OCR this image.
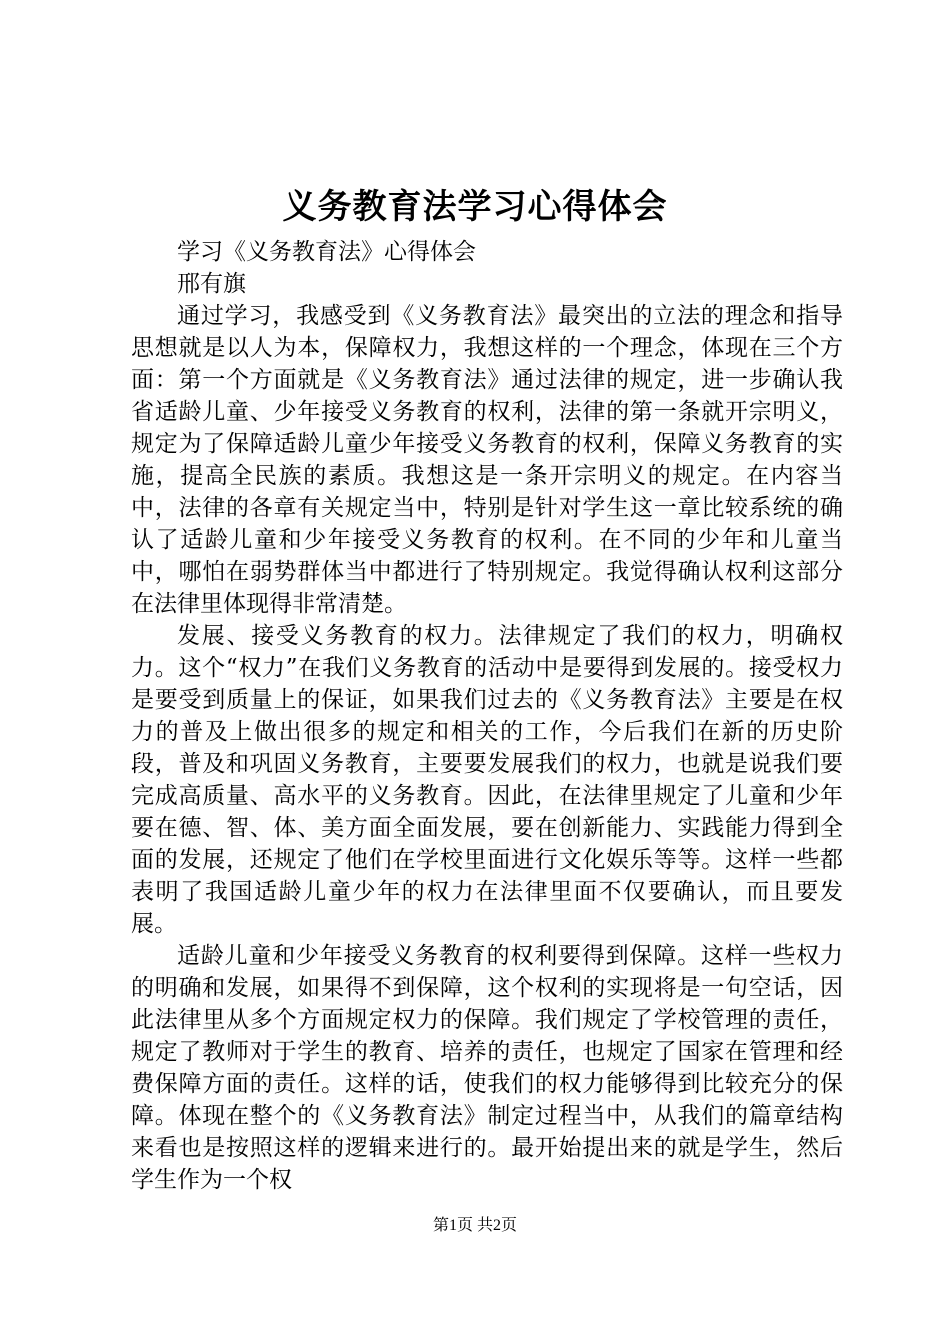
义务教育法学习心得体会

学习《义务教育法》心得体会

邢有旗

通过学习，我感受到《义务教育法》最突出的立法的理念和指导思想就是以人为本，保障权力，我想这样的一个理念，体现在三个方面：第一个方面就是《义务教育法》通过法律的规定，进一步确认我省适龄儿童、少年接受义务教育的权利，法律的第一条就开宗明义，规定为了保障适龄儿童少年接受义务教育的权利，保障义务教育的实施，提高全民族的素质。我想这是一条开宗明义的规定。在内容当中，法律的各章有关规定当中，特别是针对学生这一章比较系统的确认了适龄儿童和少年接受义务教育的权利。在不同的少年和儿童当中，哪怕在弱势群体当中都进行了特别规定。我觉得确认权利这部分在法律里体现得非常清楚。

发展、接受义务教育的权力。法律规定了我们的权力，明确权力。这个“权力”在我们义务教育的活动中是要得到发展的。接受权力是要受到质量上的保证，如果我们过去的《义务教育法》主要是在权力的普及上做出很多的规定和相关的工作，今后我们在新的历史阶段，普及和巩固义务教育，主要要发展我们的权力，也就是说我们要完成高质量、高水平的义务教育。因此，在法律里规定了儿童和少年要在德、智、体、美方面全面发展，要在创新能力、实践能力得到全面的发展，还规定了他们在学校里面进行文化娱乐等等。这样一些都表明了我国适龄儿童少年的权力在法律里面不仅要确认，而且要发展。

适龄儿童和少年接受义务教育的权利要得到保障。这样一些权力的明确和发展，如果得不到保障，这个权利的实现将是一句空话，因此法律里从多个方面规定权力的保障。我们规定了学校管理的责任，规定了教师对于学生的教育、培养的责任，也规定了国家在管理和经费保障方面的责任。这样的话，使我们的权力能够得到比较充分的保障。体现在整个的《义务教育法》制定过程当中，从我们的篇章结构来看也是按照这样的逻辑来进行的。最开始提出来的就是学生，然后学生作为一个权

第1页 共2页
